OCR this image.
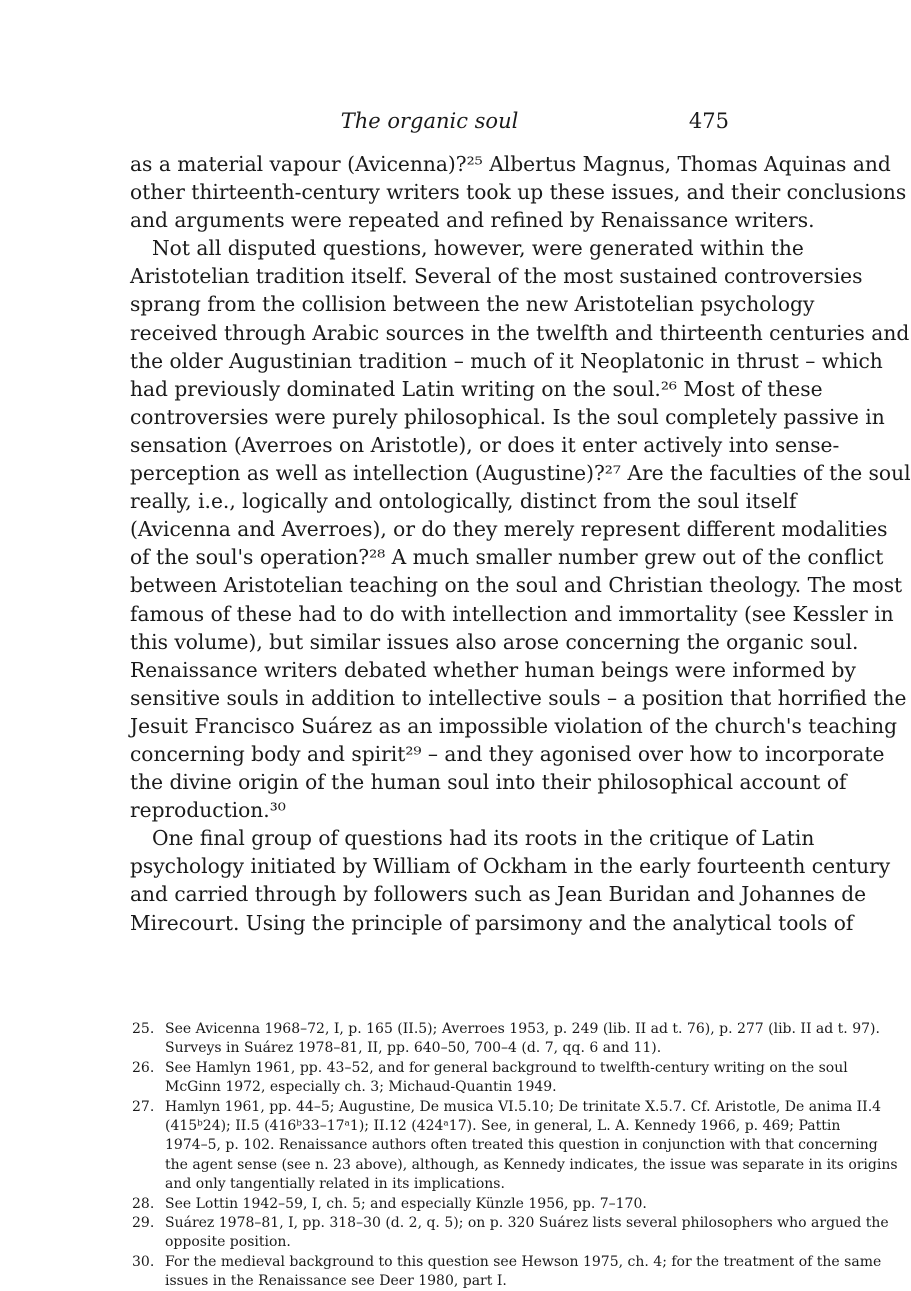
The organic soul	475
as a material vapour (Avicenna)?²⁵ Albertus Magnus, Thomas Aquinas and
other thirteenth-century writers took up these issues, and their conclusions
and arguments were repeated and refined by Renaissance writers.
Not all disputed questions, however, were generated within the
Aristotelian tradition itself. Several of the most sustained controversies
sprang from the collision between the new Aristotelian psychology
received through Arabic sources in the twelfth and thirteenth centuries and
the older Augustinian tradition – much of it Neoplatonic in thrust – which
had previously dominated Latin writing on the soul.²⁶ Most of these
controversies were purely philosophical. Is the soul completely passive in
sensation (Averroes on Aristotle), or does it enter actively into sense-
perception as well as intellection (Augustine)?²⁷ Are the faculties of the soul
really, i.e., logically and ontologically, distinct from the soul itself
(Avicenna and Averroes), or do they merely represent different modalities
of the soul's operation?²⁸ A much smaller number grew out of the conflict
between Aristotelian teaching on the soul and Christian theology. The most
famous of these had to do with intellection and immortality (see Kessler in
this volume), but similar issues also arose concerning the organic soul.
Renaissance writers debated whether human beings were informed by
sensitive souls in addition to intellective souls – a position that horrified the
Jesuit Francisco Suárez as an impossible violation of the church's teaching
concerning body and spirit²⁹ – and they agonised over how to incorporate
the divine origin of the human soul into their philosophical account of
reproduction.³⁰
One final group of questions had its roots in the critique of Latin
psychology initiated by William of Ockham in the early fourteenth century
and carried through by followers such as Jean Buridan and Johannes de
Mirecourt. Using the principle of parsimony and the analytical tools of
25. See Avicenna 1968–72, I, p. 165 (II.5); Averroes 1953, p. 249 (lib. II ad t. 76), p. 277 (lib. II ad t. 97).
Surveys in Suárez 1978–81, II, pp. 640–50, 700–4 (d. 7, qq. 6 and 11).
26. See Hamlyn 1961, pp. 43–52, and for general background to twelfth-century writing on the soul
McGinn 1972, especially ch. 3; Michaud-Quantin 1949.
27. Hamlyn 1961, pp. 44–5; Augustine, De musica VI.5.10; De trinitate X.5.7. Cf. Aristotle, De anima II.4
(415ᵇ24); II.5 (416ᵇ33–17ᵃ1); II.12 (424ᵃ17). See, in general, L. A. Kennedy 1966, p. 469; Pattin
1974–5, p. 102. Renaissance authors often treated this question in conjunction with that concerning
the agent sense (see n. 23 above), although, as Kennedy indicates, the issue was separate in its origins
and only tangentially related in its implications.
28. See Lottin 1942–59, I, ch. 5; and especially Künzle 1956, pp. 7–170.
29. Suárez 1978–81, I, pp. 318–30 (d. 2, q. 5); on p. 320 Suárez lists several philosophers who argued the
opposite position.
30. For the medieval background to this question see Hewson 1975, ch. 4; for the treatment of the same
issues in the Renaissance see Deer 1980, part I.
